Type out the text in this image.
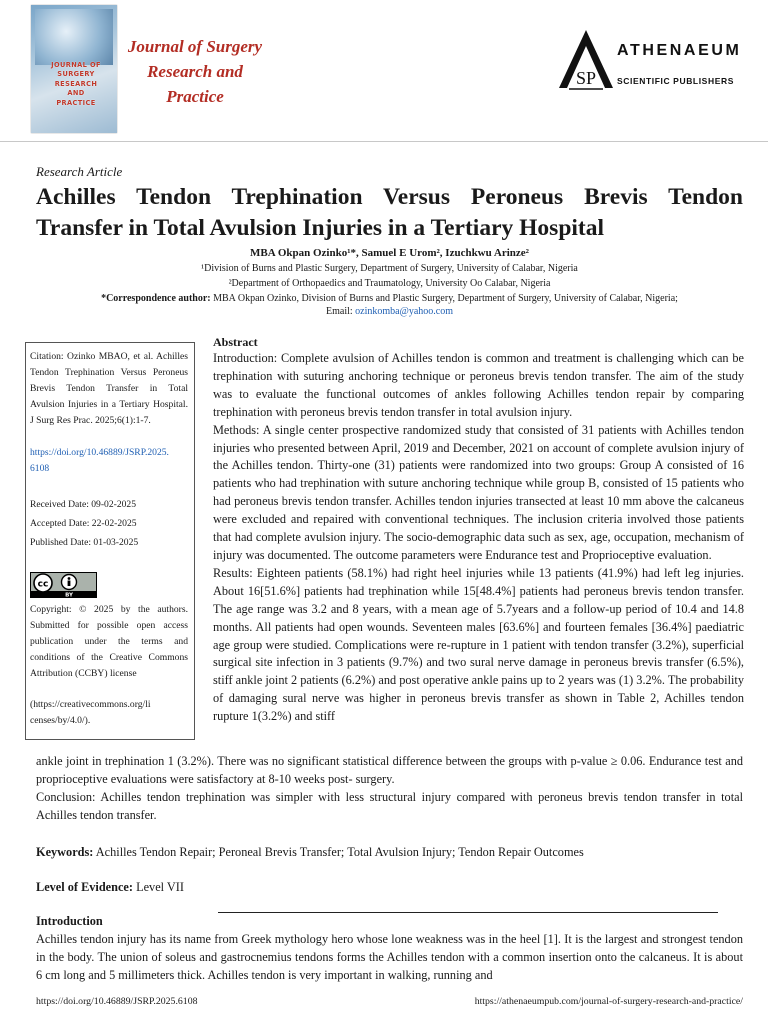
JOURNAL OF
SURGERY
RESEARCH
AND
PRACTICE
Journal of Surgery
Research and
Practice
SP
ATHENAEUM
SCIENTIFIC PUBLISHERS
Research Article
Achilles Tendon Trephination Versus Peroneus Brevis Tendon Transfer in Total Avulsion Injuries in a Tertiary Hospital
MBA Okpan Ozinko¹*, Samuel E Urom², Izuchkwu Arinze²
¹Division of Burns and Plastic Surgery, Department of Surgery, University of Calabar, Nigeria
²Department of Orthopaedics and Traumatology, University Oo Calabar, Nigeria
*Correspondence author: MBA Okpan Ozinko, Division of Burns and Plastic Surgery, Department of Surgery, University of Calabar, Nigeria;
Email: ozinkomba@yahoo.com
Citation: Ozinko MBAO, et al. Achilles Tendon Trephination Versus Peroneus Brevis Tendon Transfer in Total Avulsion Injuries in a Tertiary Hospital. J Surg Res Prac. 2025;6(1):1-7.
https://doi.org/10.46889/JSRP.2025.
6108
Received Date: 09-02-2025
Accepted Date: 22-02-2025
Published Date: 01-03-2025
cc
BY
Copyright: © 2025 by the authors. Submitted for possible open access publication under the terms and conditions of the Creative Commons Attribution (CCBY) license
(https://creativecommons.org/li
censes/by/4.0/).
Abstract
Introduction: Complete avulsion of Achilles tendon is common and treatment is challenging which can be trephination with suturing anchoring technique or peroneus brevis tendon transfer. The aim of the study was to evaluate the functional outcomes of ankles following Achilles tendon repair by comparing trephination with peroneus brevis tendon transfer in total avulsion injury.
Methods: A single center prospective randomized study that consisted of 31 patients with Achilles tendon injuries who presented between April, 2019 and December, 2021 on account of complete avulsion injury of the Achilles tendon. Thirty-one (31) patients were randomized into two groups: Group A consisted of 16 patients who had trephination with suture anchoring technique while group B, consisted of 15 patients who had peroneus brevis tendon transfer. Achilles tendon injuries transected at least 10 mm above the calcaneus were excluded and repaired with conventional techniques. The inclusion criteria involved those patients that had complete avulsion injury. The socio-demographic data such as sex, age, occupation, mechanism of injury was documented. The outcome parameters were Endurance test and Proprioceptive evaluation.
Results: Eighteen patients (58.1%) had right heel injuries while 13 patients (41.9%) had left leg injuries. About 16[51.6%] patients had trephination while 15[48.4%] patients had peroneus brevis tendon transfer. The age range was 3.2 and 8 years, with a mean age of 5.7years and a follow-up period of 10.4 and 14.8 months. All patients had open wounds. Seventeen males [63.6%] and fourteen females [36.4%] paediatric age group were studied. Complications were re-rupture in 1 patient with tendon transfer (3.2%), superficial surgical site infection in 3 patients (9.7%) and two sural nerve damage in peroneus brevis transfer (6.5%), stiff ankle joint 2 patients (6.2%) and post operative ankle pains up to 2 years was (1) 3.2%. The probability of damaging sural nerve was higher in peroneus brevis transfer as shown in Table 2, Achilles tendon rupture 1(3.2%) and stiff
ankle joint in trephination 1 (3.2%). There was no significant statistical difference between the groups with p-value ≥ 0.06. Endurance test and proprioceptive evaluations were satisfactory at 8-10 weeks post- surgery.
Conclusion: Achilles tendon trephination was simpler with less structural injury compared with peroneus brevis tendon transfer in total Achilles tendon transfer.
Keywords: Achilles Tendon Repair; Peroneal Brevis Transfer; Total Avulsion Injury; Tendon Repair Outcomes
Level of Evidence: Level VII
Introduction
Achilles tendon injury has its name from Greek mythology hero whose lone weakness was in the heel [1]. It is the largest and strongest tendon in the body. The union of soleus and gastrocnemius tendons forms the Achilles tendon with a common insertion onto the calcaneus. It is about 6 cm long and 5 millimeters thick. Achilles tendon is very important in walking, running and
https://doi.org/10.46889/JSRP.2025.6108	https://athenaeumpub.com/journal-of-surgery-research-and-practice/
